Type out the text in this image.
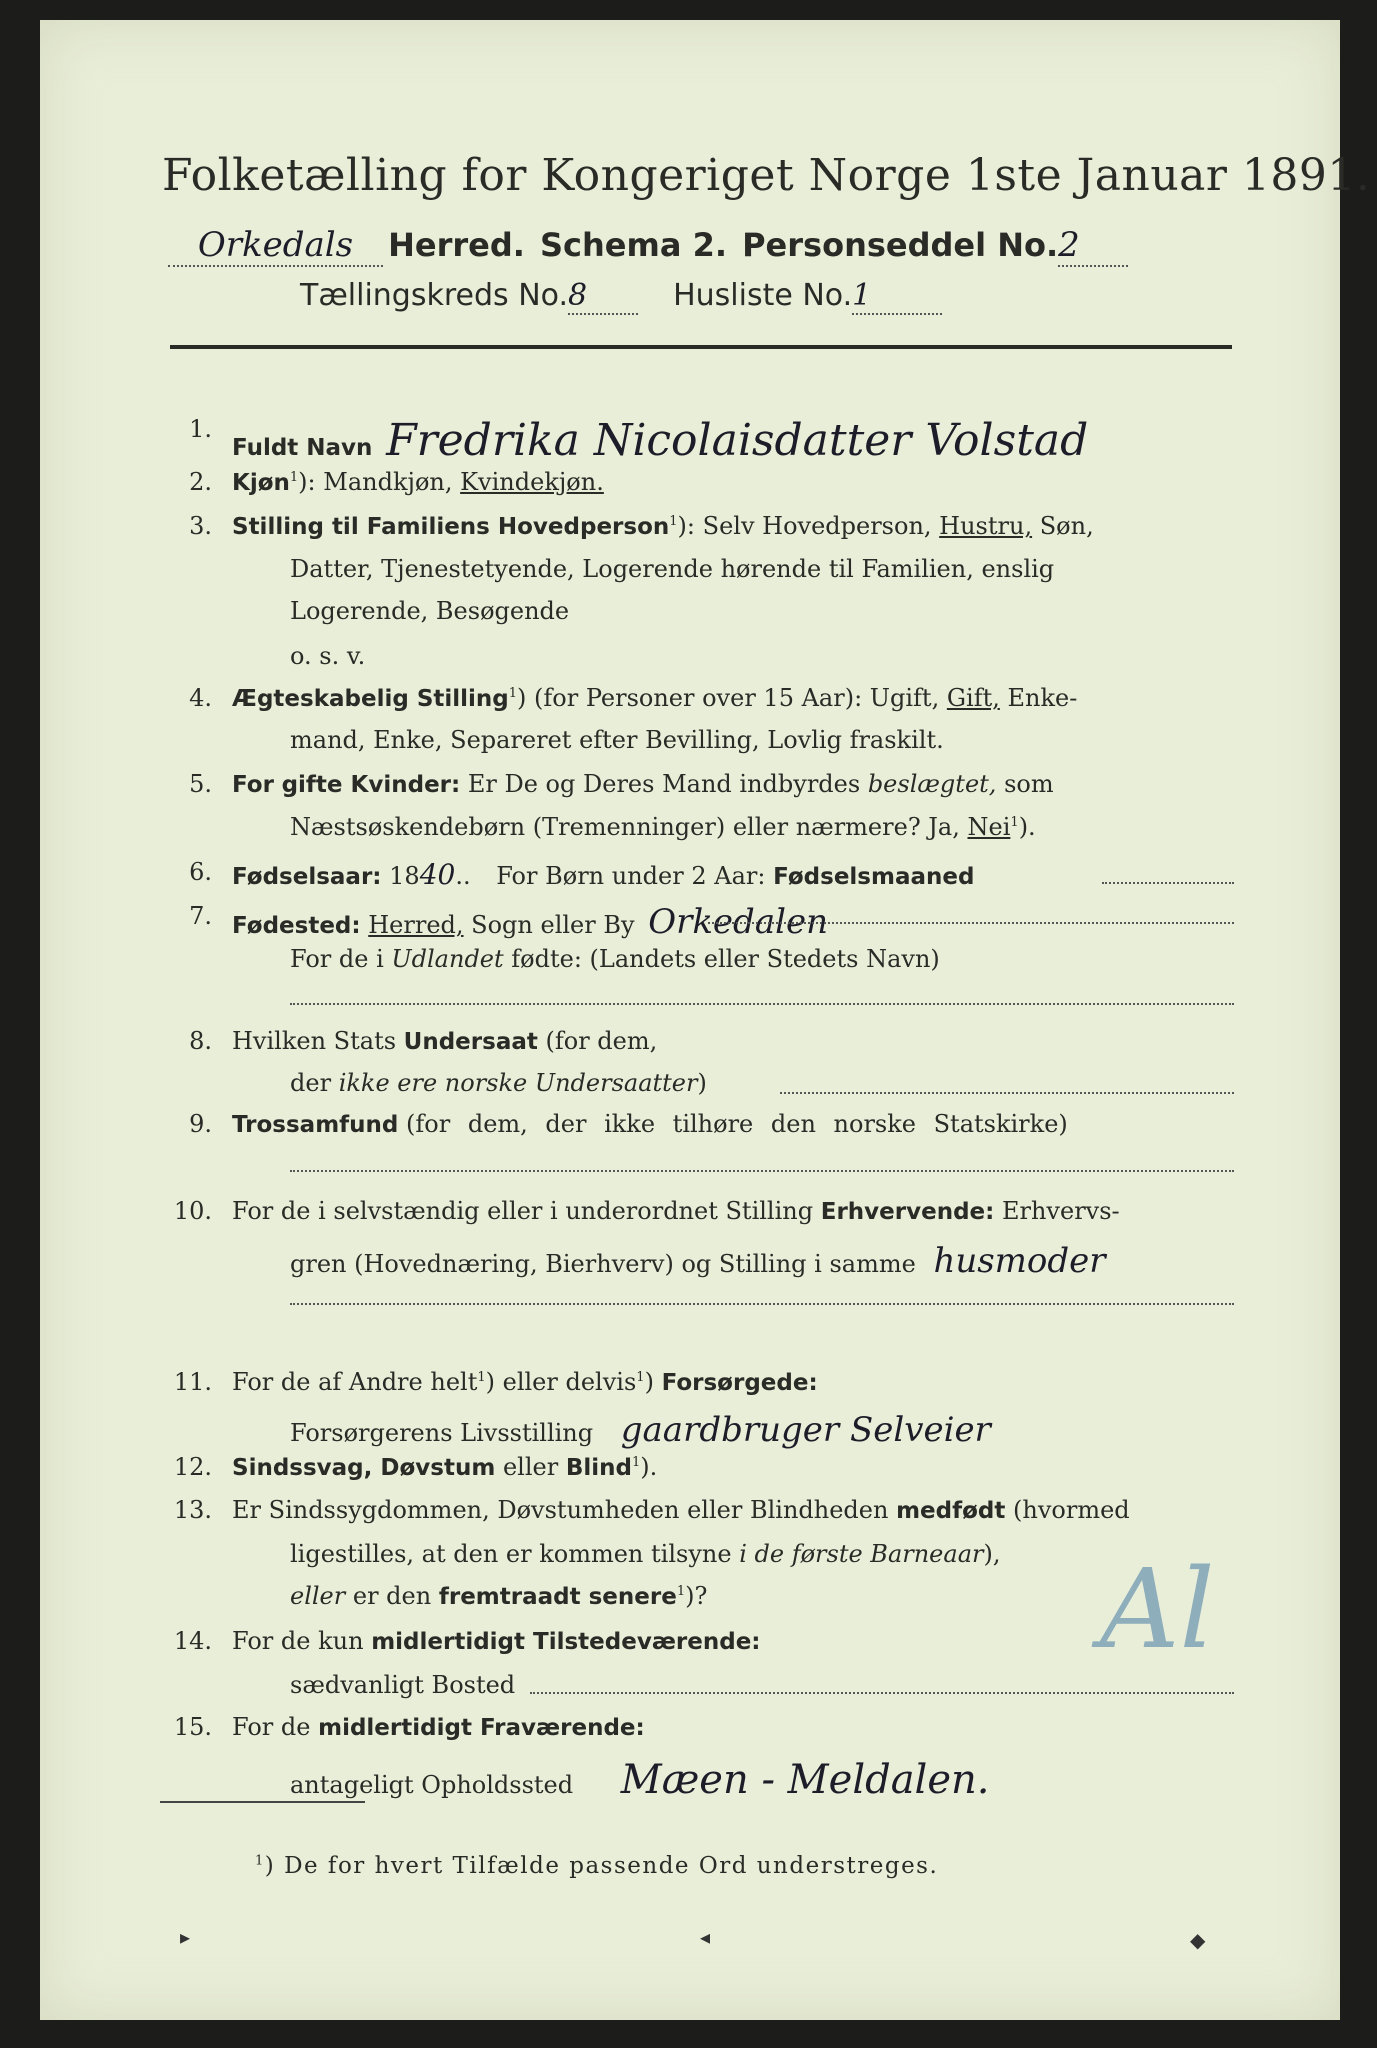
Folketælling for Kongeriget Norge 1ste Januar 1891.
Orkedals Herred. Schema 2. Personseddel No.2
Tællingskreds No.8	Husliste No.1
1.
Fuldt Navn Fredrika Nicolaisdatter Volstad
2. Kjøn$^1$): Mandkjøn, Kvindekjøn.
3. Stilling til Familiens Hovedperson$^1$): Selv Hovedperson, Hustru, Søn,
Datter, Tjenestetyende, Logerende hørende til Familien, enslig
Logerende, Besøgende
o. s. v.
4. Ægteskabelig Stilling$^1$) (for Personer over 15 Aar): Ugift, Gift, Enke-
mand, Enke, Separeret efter Bevilling, Lovlig fraskilt.
5. For gifte Kvinder: Er De og Deres Mand indbyrdes beslægtet, som
Næstsøskendebørn (Tremenninger) eller nærmere? Ja, Nei$^1$).
6. Fødselsaar: 1840.. For Børn under 2 Aar: Fødselsmaaned
7. Fødested: Herred, Sogn eller By Orkedalen
For de i Udlandet fødte: (Landets eller Stedets Navn)
8. Hvilken Stats Undersaat (for dem,
der ikke ere norske Undersaatter)
9. Trossamfund (for dem, der ikke tilhøre den norske Statskirke)
10. For de i selvstændig eller i underordnet Stilling Erhvervende: Erhvervs-
gren (Hovednæring, Bierhverv) og Stilling i samme husmoder
11. For de af Andre helt$^1$) eller delvis$^1$) Forsørgede:
Forsørgerens Livsstilling gaardbruger Selveier
12. Sindssvag, Døvstum eller Blind$^1$).
13. Er Sindssygdommen, Døvstumheden eller Blindheden medfødt (hvormed
ligestilles, at den er kommen tilsyne i de første Barneaar),
eller er den fremtraadt senere$^1$)?
14. For de kun midlertidigt Tilstedeværende:
sædvanligt Bosted
Al
15. For de midlertidigt Fraværende:
antageligt Opholdssted Mæen - Meldalen.
$^1$) De for hvert Tilfælde passende Ord understreges.
▸	◂	◆
